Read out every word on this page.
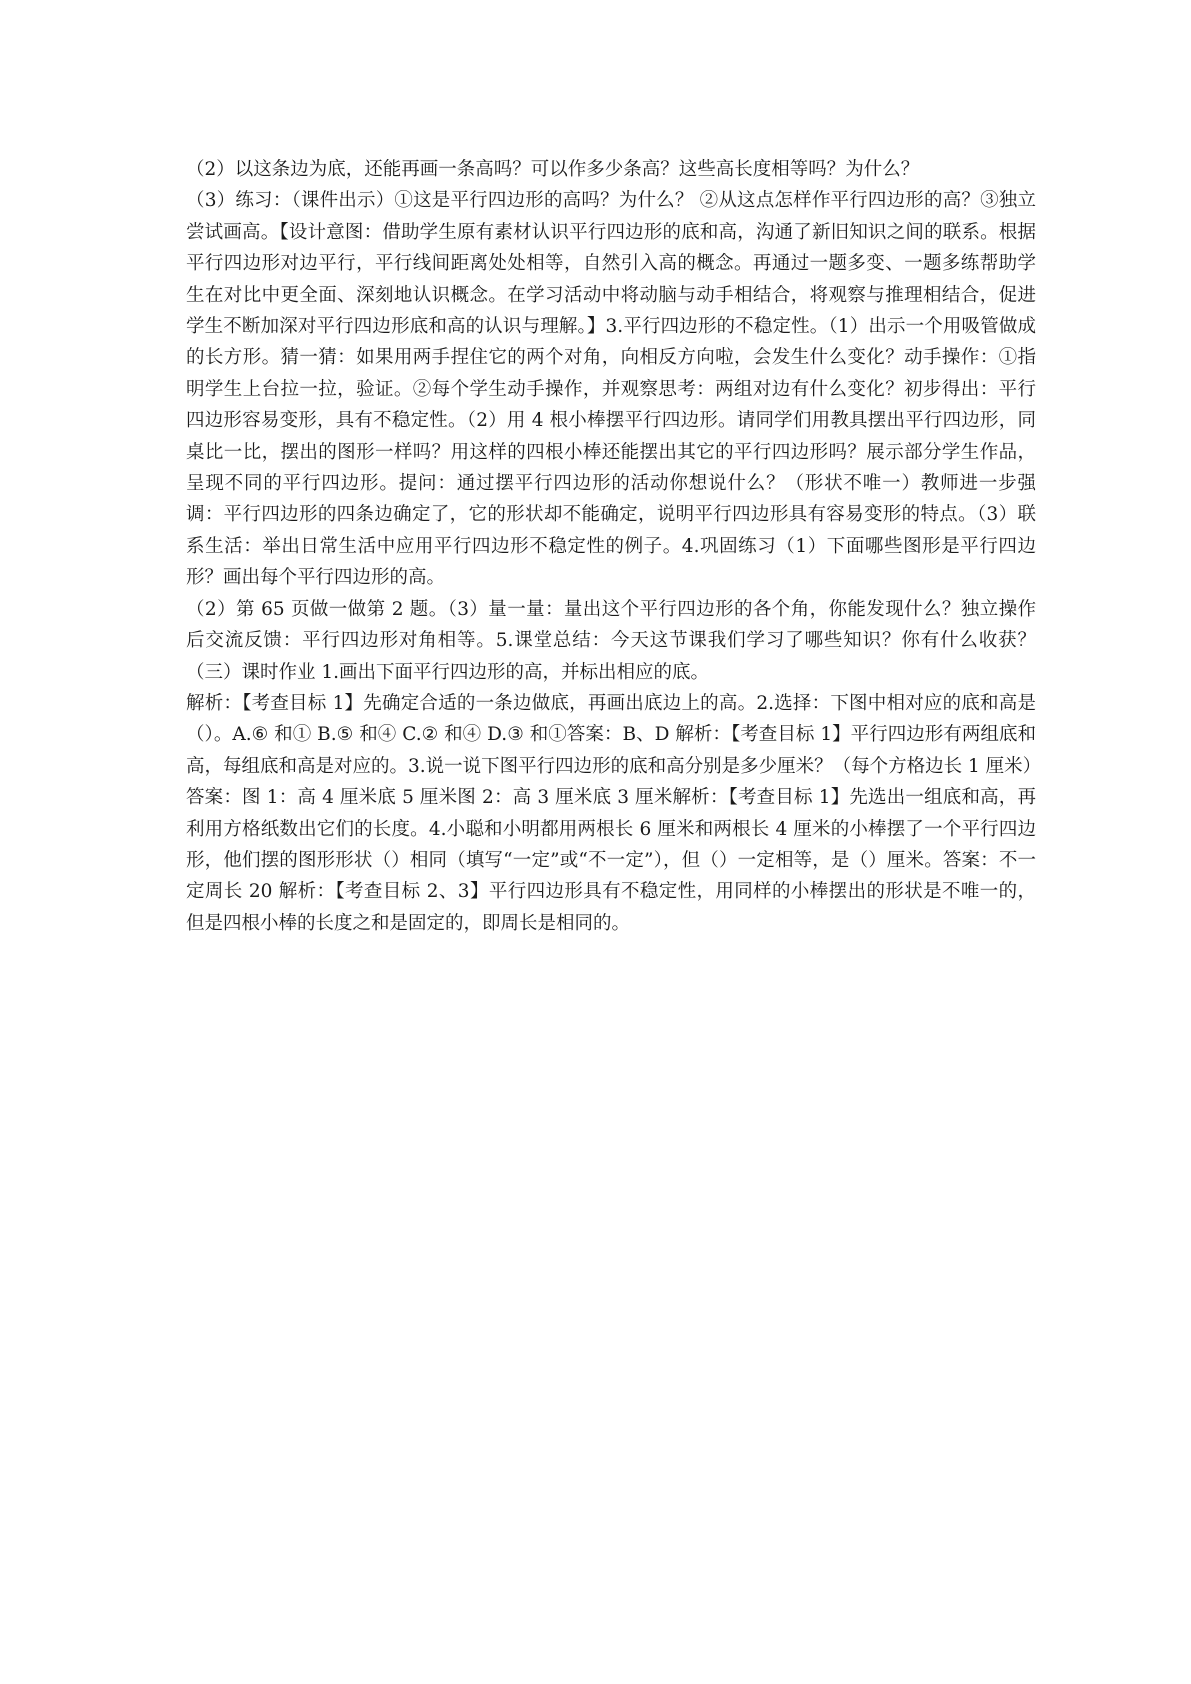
（2）以这条边为底，还能再画一条高吗？可以作多少条高？这些高长度相等吗？为什么？

（3）练习：（课件出示）①这是平行四边形的高吗？为什么？ ②从这点怎样作平行四边形的高？③独立尝试画高。【设计意图：借助学生原有素材认识平行四边形的底和高，沟通了新旧知识之间的联系。根据平行四边形对边平行，平行线间距离处处相等，自然引入高的概念。再通过一题多变、一题多练帮助学生在对比中更全面、深刻地认识概念。在学习活动中将动脑与动手相结合，将观察与推理相结合，促进学生不断加深对平行四边形底和高的认识与理解。】3.平行四边形的不稳定性。（1）出示一个用吸管做成的长方形。猜一猜：如果用两手捏住它的两个对角，向相反方向啦，会发生什么变化？动手操作：①指明学生上台拉一拉，验证。②每个学生动手操作，并观察思考：两组对边有什么变化？初步得出：平行四边形容易变形，具有不稳定性。（2）用 4 根小棒摆平行四边形。请同学们用教具摆出平行四边形，同桌比一比，摆出的图形一样吗？用这样的四根小棒还能摆出其它的平行四边形吗？展示部分学生作品，呈现不同的平行四边形。提问：通过摆平行四边形的活动你想说什么？（形状不唯一）教师进一步强调：平行四边形的四条边确定了，它的形状却不能确定，说明平行四边形具有容易变形的特点。（3）联系生活：举出日常生活中应用平行四边形不稳定性的例子。4.巩固练习（1）下面哪些图形是平行四边形？画出每个平行四边形的高。

（2）第 65 页做一做第 2 题。（3）量一量：量出这个平行四边形的各个角，你能发现什么？独立操作后交流反馈：平行四边形对角相等。5.课堂总结：今天这节课我们学习了哪些知识？你有什么收获？（三）课时作业 1.画出下面平行四边形的高，并标出相应的底。

解析：【考查目标 1】先确定合适的一条边做底，再画出底边上的高。2.选择：下图中相对应的底和高是（）。A.⑥ 和① B.⑤ 和④ C.② 和④ D.③ 和①答案：B、D 解析：【考查目标 1】平行四边形有两组底和高，每组底和高是对应的。3.说一说下图平行四边形的底和高分别是多少厘米？（每个方格边长 1 厘米）

答案：图 1：高 4 厘米底 5 厘米图 2：高 3 厘米底 3 厘米解析：【考查目标 1】先选出一组底和高，再利用方格纸数出它们的长度。4.小聪和小明都用两根长 6 厘米和两根长 4 厘米的小棒摆了一个平行四边形，他们摆的图形形状（）相同（填写“一定”或“不一定”），但（）一定相等，是（）厘米。答案：不一定周长 20 解析：【考查目标 2、3】平行四边形具有不稳定性，用同样的小棒摆出的形状是不唯一的，但是四根小棒的长度之和是固定的，即周长是相同的。
